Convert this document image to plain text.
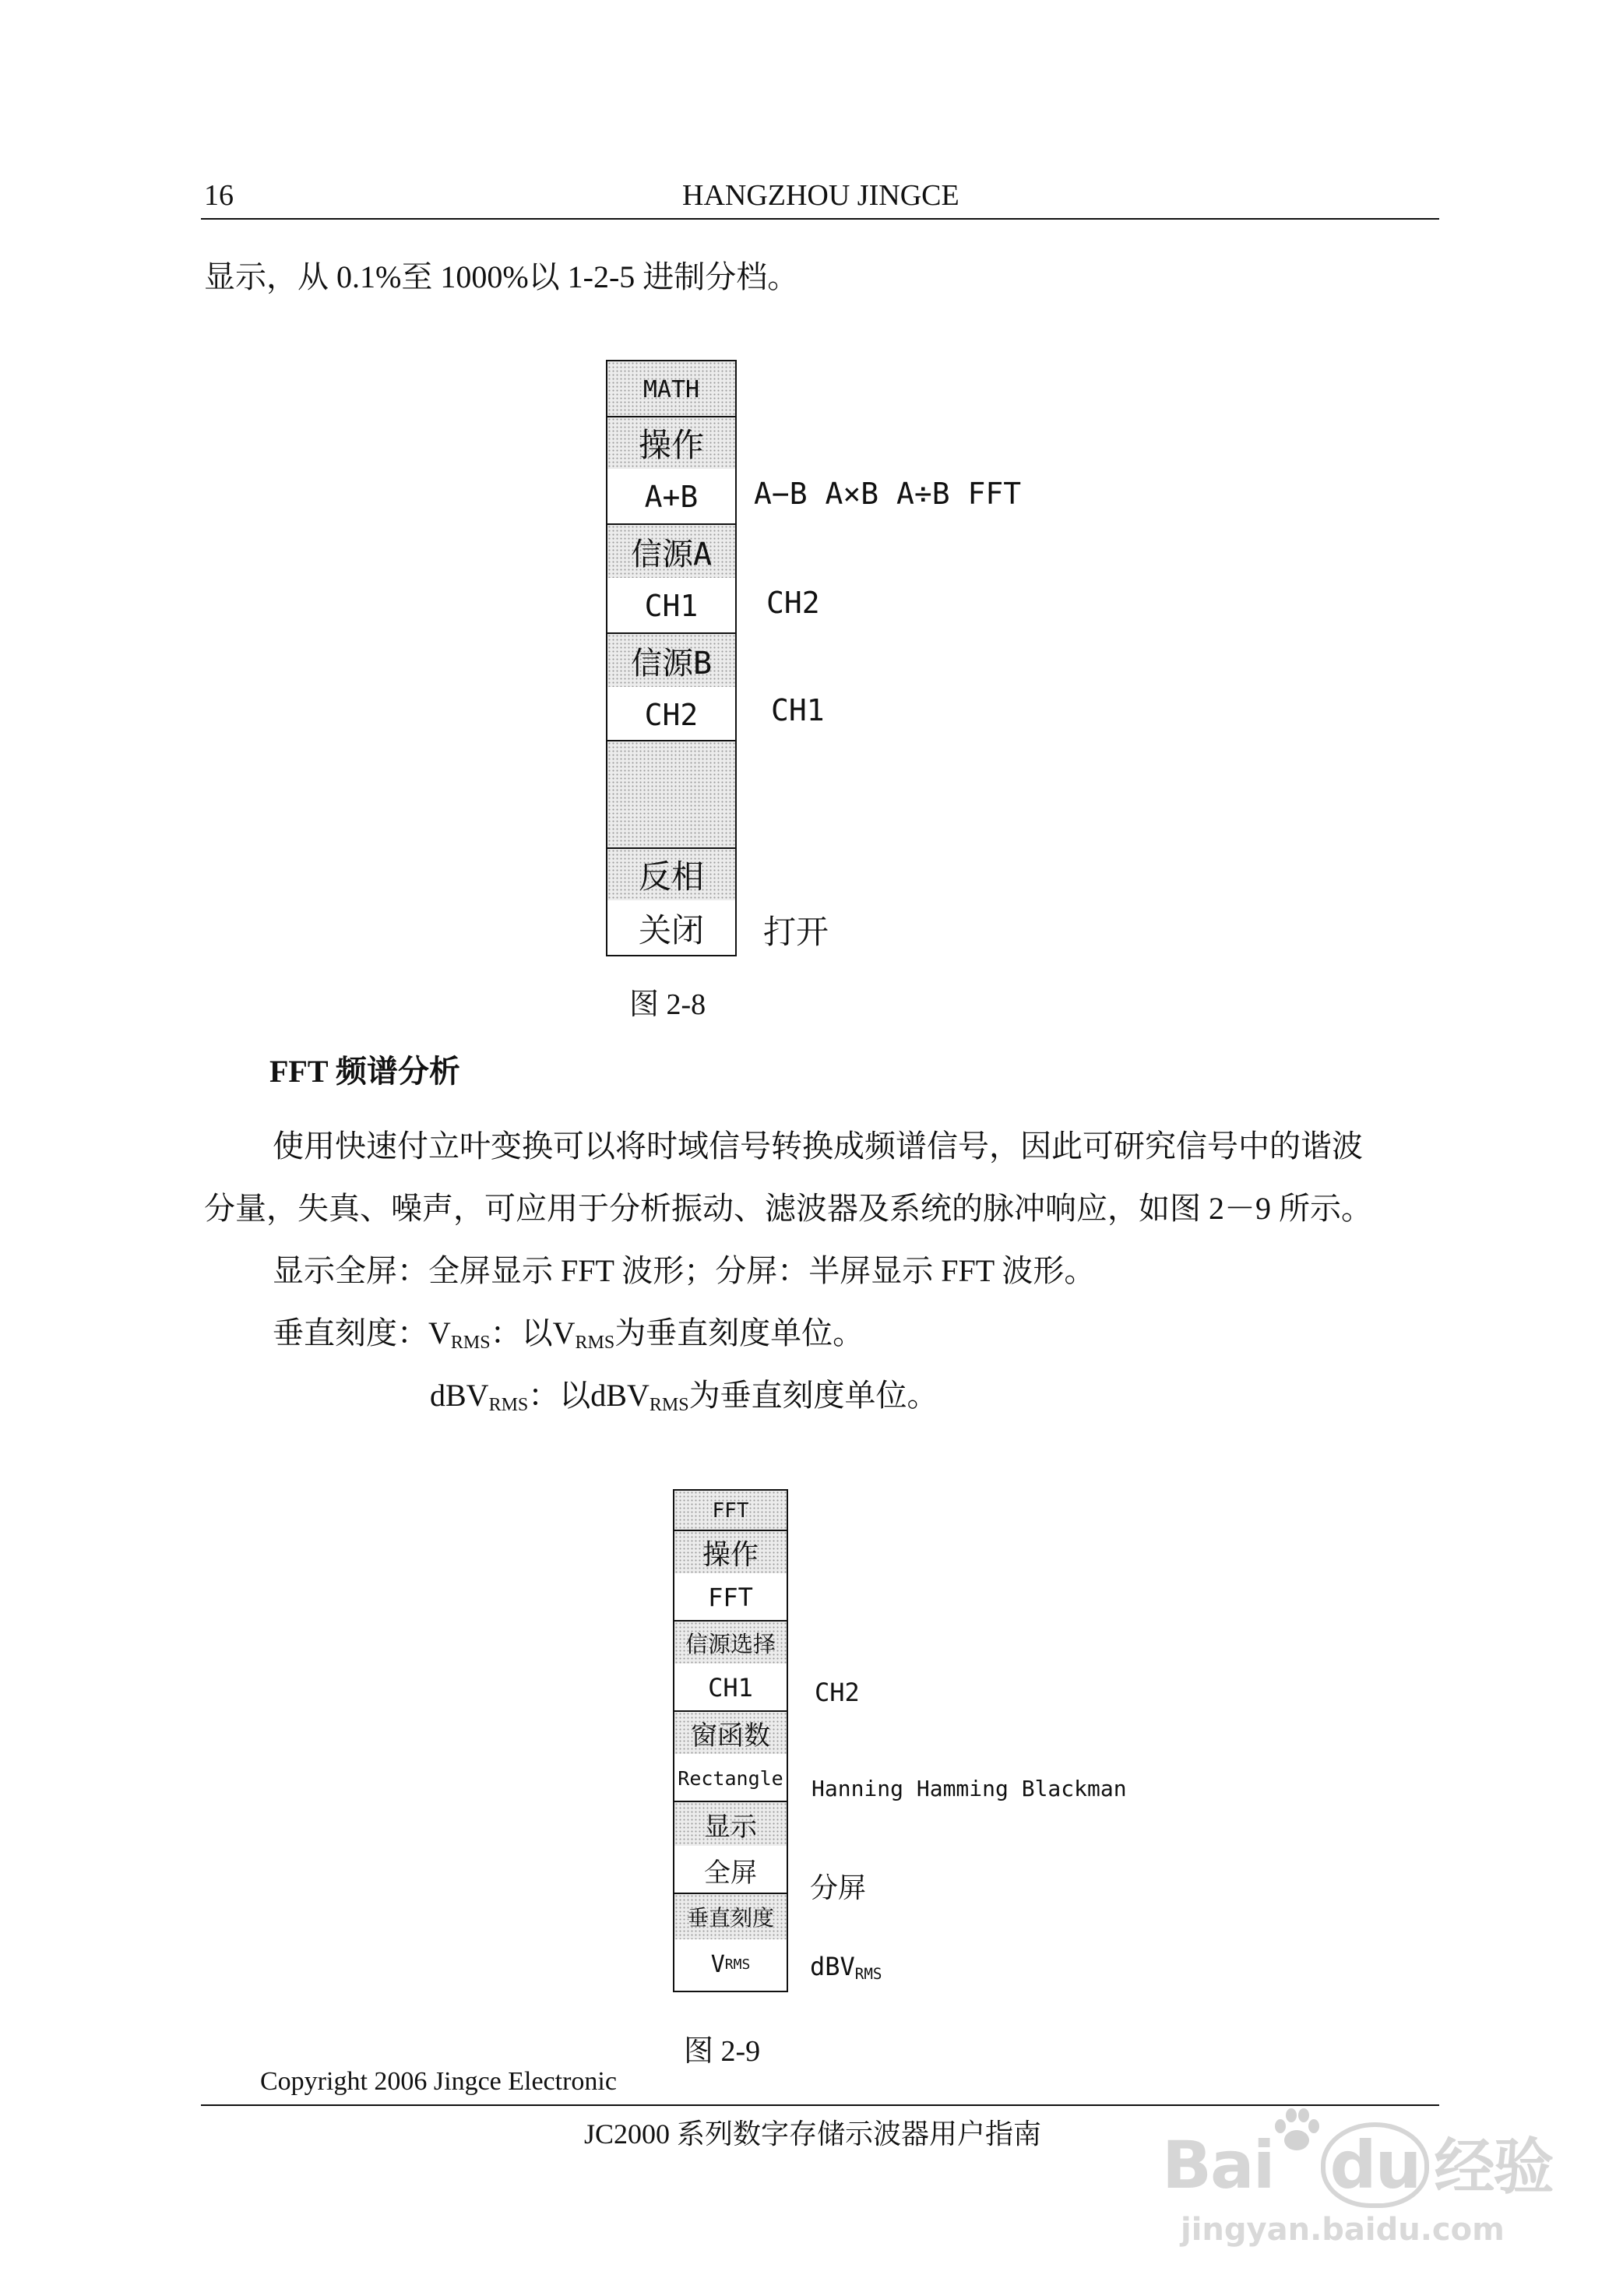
16	HANGZHOU JINGCE
显示，从 0.1%至 1000%以 1-2-5 进制分档。
MATH
操作
A+B
信源A
CH1
信源B
CH2
反相
关闭
A−B A×B A÷B FFT
CH2
CH1
打开
图 2-8
FFT 频谱分析
使用快速付立叶变换可以将时域信号转换成频谱信号，因此可研究信号中的谐波
分量，失真、噪声，可应用于分析振动、滤波器及系统的脉冲响应，如图 2－9 所示。
显示全屏：全屏显示 FFT 波形；分屏：半屏显示 FFT 波形。
垂直刻度：$V_{RMS}$：以$V_{RMS}$为垂直刻度单位。
dBV$_{RMS}$：以dBV$_{RMS}$为垂直刻度单位。
FFT
操作
FFT
信源选择
CH1
窗函数
Rectangle
显示
全屏
垂直刻度
V RMS
CH2
Hanning Hamming Blackman
分屏
dBV$_{RMS}$
图 2-9
Copyright 2006 Jingce Electronic
JC2000 系列数字存储示波器用户指南 Bai du 经验
jingyan.baidu.com
